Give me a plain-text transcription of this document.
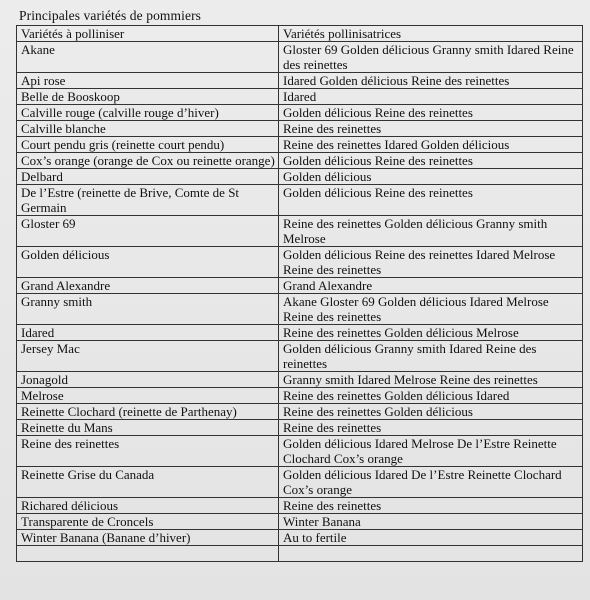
Principales variétés de pommiers
Variétés à polliniser	Variétés pollinisatrices
Akane	Gloster 69 Golden délicious Granny smith Idared Reine des reinettes
Api rose	Idared Golden délicious Reine des reinettes
Belle de Booskoop	Idared
Calville rouge (calville rouge d’hiver)	Golden délicious Reine des reinettes
Calville blanche	Reine des reinettes
Court pendu gris (reinette court pendu)	Reine des reinettes Idared Golden délicious
Cox’s orange (orange de Cox ou reinette orange)	Golden délicious Reine des reinettes
Delbard	Golden délicious
De l’Estre (reinette de Brive, Comte de St Germain	Golden délicious Reine des reinettes
Gloster 69	Reine des reinettes Golden délicious Granny smith Melrose
Golden délicious	Golden délicious Reine des reinettes Idared Melrose Reine des reinettes
Grand Alexandre	Grand Alexandre
Granny smith	Akane Gloster 69 Golden délicious Idared Melrose Reine des reinettes
Idared	Reine des reinettes Golden délicious Melrose
Jersey Mac	Golden délicious Granny smith Idared Reine des reinettes
Jonagold	Granny smith Idared Melrose Reine des reinettes
Melrose	Reine des reinettes Golden délicious Idared
Reinette Clochard (reinette de Parthenay)	Reine des reinettes Golden délicious
Reinette du Mans	Reine des reinettes
Reine des reinettes	Golden délicious Idared Melrose De l’Estre Reinette Clochard Cox’s orange
Reinette Grise du Canada	Golden délicious Idared De l’Estre Reinette Clochard Cox’s orange
Richared délicious	Reine des reinettes
Transparente de Croncels	Winter Banana
Winter Banana (Banane d’hiver)	Au to fertile
